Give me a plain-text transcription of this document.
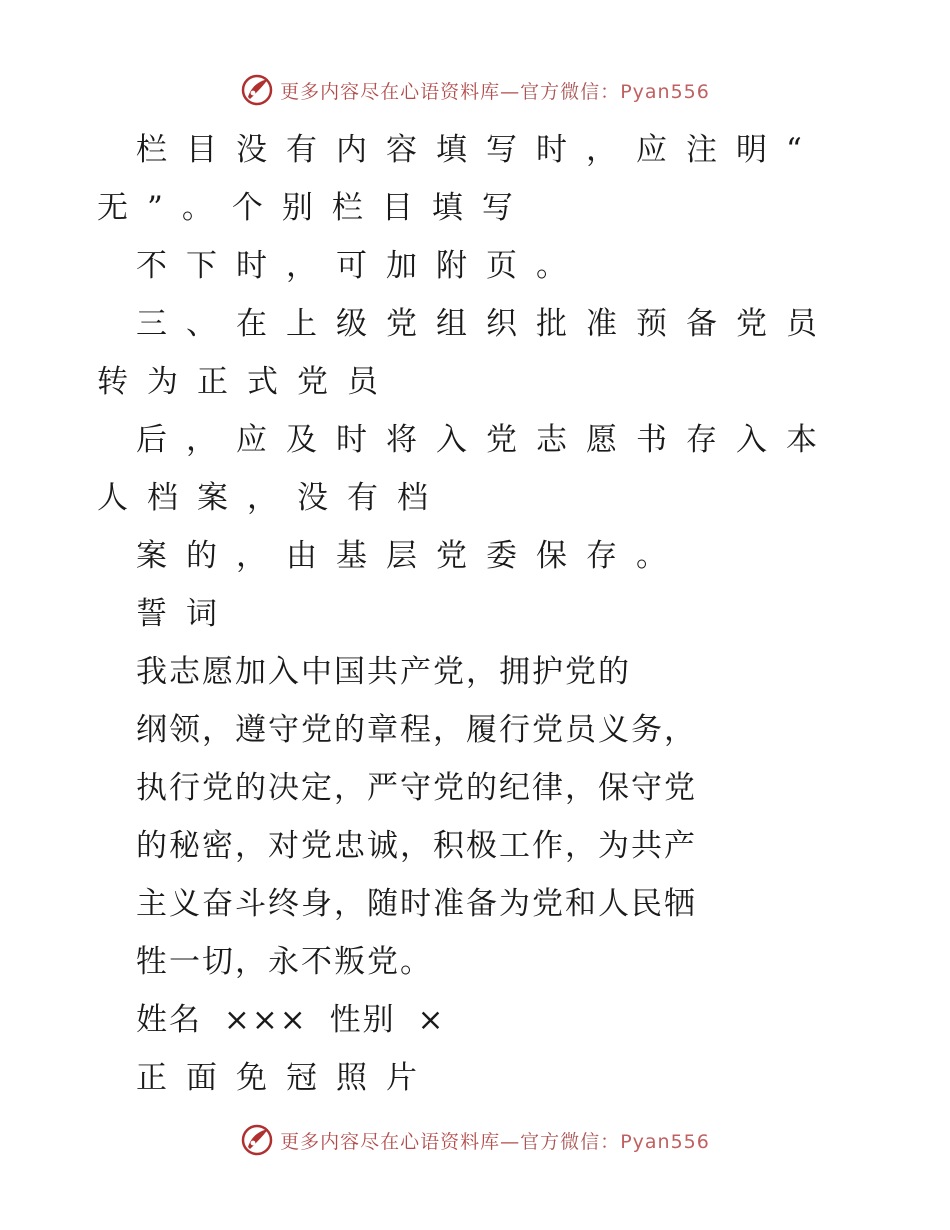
更多内容尽在心语资料库—官方微信：Pyan556
栏目没有内容填写时，应注明“
无”。个别栏目填写
不下时，可加附页。
三、在上级党组织批准预备党员
转为正式党员
后，应及时将入党志愿书存入本
人档案，没有档
案的，由基层党委保存。
誓词
我志愿加入中国共产党，拥护党的
纲领，遵守党的章程，履行党员义务，
执行党的决定，严守党的纪律，保守党
的秘密，对党忠诚，积极工作，为共产
主义奋斗终身，随时准备为党和人民牺
牲一切，永不叛党。
姓名 ××× 性别 ×
正面免冠照片
更多内容尽在心语资料库—官方微信：Pyan556
